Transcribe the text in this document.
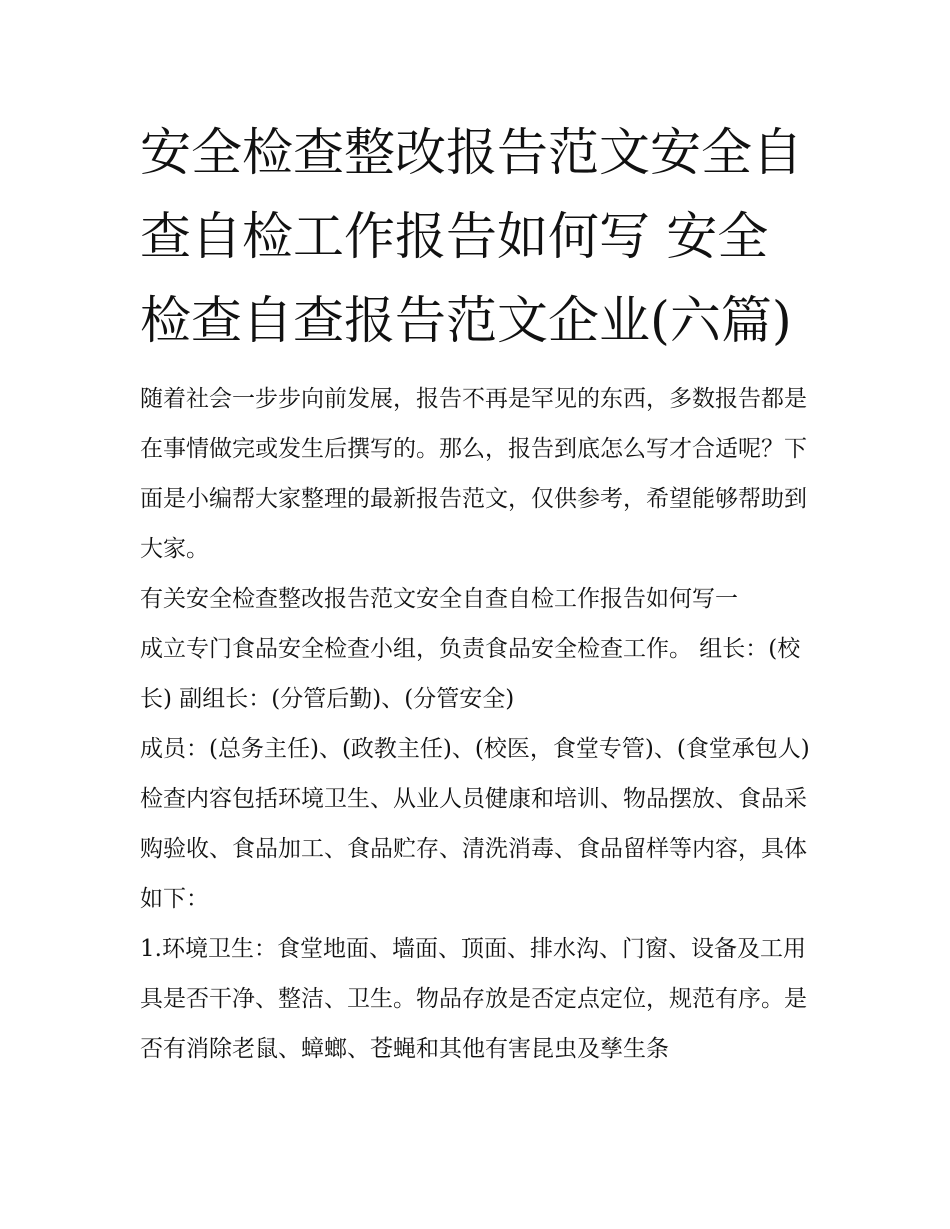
安全检查整改报告范文安全自查自检工作报告如何写 安全检查自查报告范文企业(六篇)

随着社会一步步向前发展，报告不再是罕见的东西，多数报告都是在事情做完或发生后撰写的。那么，报告到底怎么写才合适呢？下面是小编帮大家整理的最新报告范文，仅供参考，希望能够帮助到大家。

有关安全检查整改报告范文安全自查自检工作报告如何写一

成立专门食品安全检查小组，负责食品安全检查工作。 组长：(校长) 副组长：(分管后勤)、(分管安全)

成员：(总务主任)、(政教主任)、(校医，食堂专管)、(食堂承包人)

检查内容包括环境卫生、从业人员健康和培训、物品摆放、食品采购验收、食品加工、食品贮存、清洗消毒、食品留样等内容，具体如下：

1.环境卫生：食堂地面、墙面、顶面、排水沟、门窗、设备及工用具是否干净、整洁、卫生。物品存放是否定点定位，规范有序。是否有消除老鼠、蟑螂、苍蝇和其他有害昆虫及孳生条
